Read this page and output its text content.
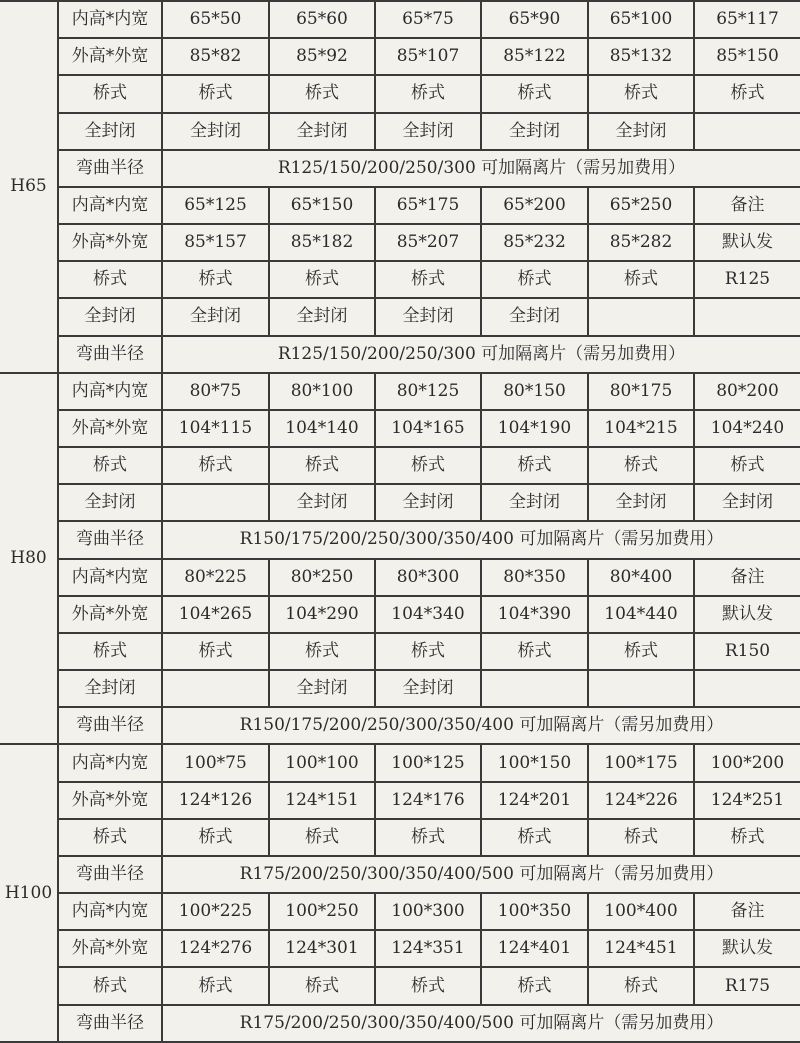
H65	内高*内宽	65*50	65*60	65*75	65*90	65*100	65*117
	外高*外宽	85*82	85*92	85*107	85*122	85*132	85*150
	桥式	桥式	桥式	桥式	桥式	桥式	桥式
	全封闭	全封闭	全封闭	全封闭	全封闭	全封闭	
	弯曲半径	R125/150/200/250/300 可加隔离片（需另加费用）					
	内高*内宽	65*125	65*150	65*175	65*200	65*250	备注
	外高*外宽	85*157	85*182	85*207	85*232	85*282	默认发
	桥式	桥式	桥式	桥式	桥式	桥式	R125
	全封闭	全封闭	全封闭	全封闭	全封闭		
	弯曲半径	R125/150/200/250/300 可加隔离片（需另加费用）					
H80	内高*内宽	80*75	80*100	80*125	80*150	80*175	80*200
	外高*外宽	104*115	104*140	104*165	104*190	104*215	104*240
	桥式	桥式	桥式	桥式	桥式	桥式	桥式
	全封闭		全封闭	全封闭	全封闭	全封闭	全封闭
	弯曲半径	R150/175/200/250/300/350/400 可加隔离片（需另加费用）					
	内高*内宽	80*225	80*250	80*300	80*350	80*400	备注
	外高*外宽	104*265	104*290	104*340	104*390	104*440	默认发
	桥式	桥式	桥式	桥式	桥式	桥式	R150
	全封闭		全封闭	全封闭			
	弯曲半径	R150/175/200/250/300/350/400 可加隔离片（需另加费用）					
H100	内高*内宽	100*75	100*100	100*125	100*150	100*175	100*200
	外高*外宽	124*126	124*151	124*176	124*201	124*226	124*251
	桥式	桥式	桥式	桥式	桥式	桥式	桥式
	弯曲半径	R175/200/250/300/350/400/500 可加隔离片（需另加费用）					
	内高*内宽	100*225	100*250	100*300	100*350	100*400	备注
	外高*外宽	124*276	124*301	124*351	124*401	124*451	默认发
	桥式	桥式	桥式	桥式	桥式	桥式	R175
	弯曲半径	R175/200/250/300/350/400/500 可加隔离片（需另加费用）					
